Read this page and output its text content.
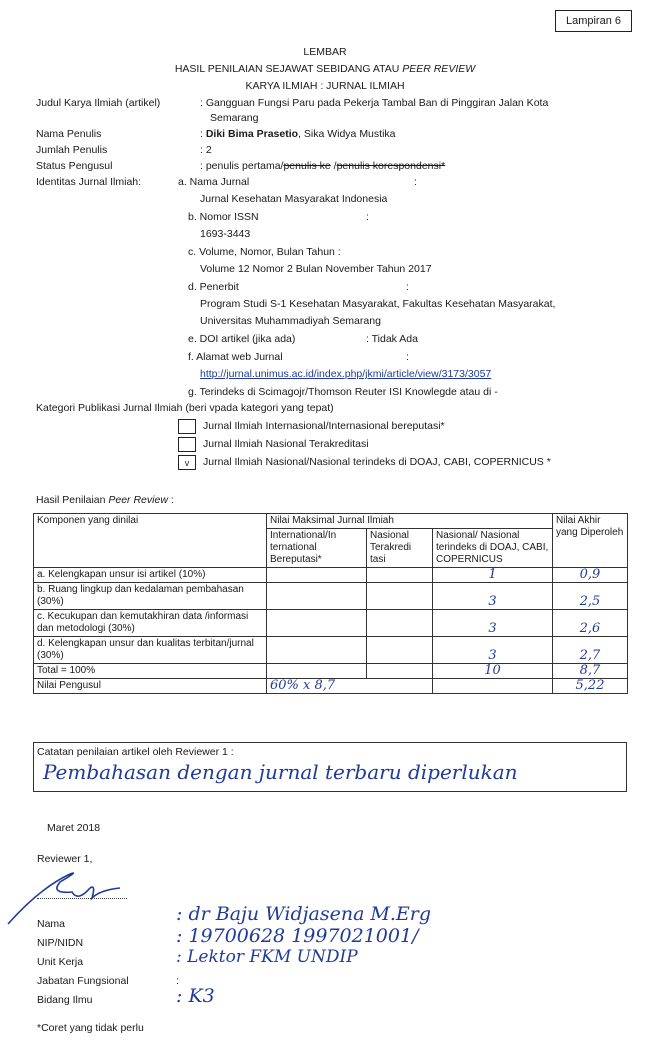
Lampiran 6
LEMBAR
HASIL PENILAIAN SEJAWAT SEBIDANG ATAU PEER REVIEW
KARYA ILMIAH : JURNAL ILMIAH
Judul Karya Ilmiah (artikel)	: Gangguan Fungsi Paru pada Pekerja Tambal Ban di Pinggiran Jalan Kota
Semarang
Nama Penulis	: Diki Bima Prasetio, Sika Widya Mustika
Jumlah Penulis	: 2
Status Pengusul	: penulis pertama/penulis ke /penulis korespondensi*
Identitas Jurnal Ilmiah:	a. Nama Jurnal	:
Jurnal Kesehatan Masyarakat Indonesia
b. Nomor ISSN	:
1693-3443
c. Volume, Nomor, Bulan Tahun :
Volume 12 Nomor 2 Bulan November Tahun 2017
d. Penerbit	:
Program Studi S-1 Kesehatan Masyarakat, Fakultas Kesehatan Masyarakat,
Universitas Muhammadiyah Semarang
e. DOI artikel (jika ada)	: Tidak Ada
f. Alamat web Jurnal	:
http://jurnal.unimus.ac.id/index.php/jkmi/article/view/3173/3057
g. Terindeks di Scimagojr/Thomson Reuter ISI Knowlegde atau di -
Kategori Publikasi Jurnal Ilmiah (beri vpada kategori yang tepat)
Jurnal Ilmiah Internasional/Internasional bereputasi*
Jurnal Ilmiah Nasional Terakreditasi
v	Jurnal Ilmiah Nasional/Nasional terindeks di DOAJ, CABI, COPERNICUS *
Hasil Penilaian Peer Review :
Komponen yang dinilai	Nilai Maksimal Jurnal Ilmiah			Nilai Akhir yang Diperoleh
	International/In ternational Bereputasi*	Nasional Terakredi tasi	Nasional/ Nasional terindeks di DOAJ, CABI, COPERNICUS	
a. Kelengkapan unsur isi artikel (10%)			1	0,9
b. Ruang lingkup dan kedalaman pembahasan (30%)			3	2,5
c. Kecukupan dan kemutakhiran data /informasi dan metodologi (30%)			3	2,6
d. Kelengkapan unsur dan kualitas terbitan/jurnal (30%)			3	2,7
Total = 100%			10	8,7
Nilai Pengusul	60% x 8,7			5,22
Catatan penilaian artikel oleh Reviewer 1 :
Pembahasan dengan jurnal terbaru diperlukan
Maret 2018
Reviewer 1,
Nama	: dr Baju Widjasena M.Erg
NIP/NIDN	: 19700628 1997021001/
Unit Kerja	: Lektor FKM UNDIP
Jabatan Fungsional	:
Bidang Ilmu	: K3
*Coret yang tidak perlu
